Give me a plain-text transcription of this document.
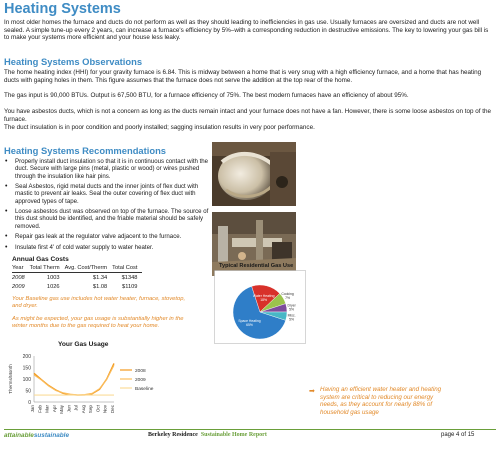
Heating Systems
In most older homes the furnace and ducts do not perform as well as they should leading to inefficiencies in gas use. Usually furnaces are oversized and ducts are not well sealed. A simple tune-up every 2 years, can increase a furnace's efficiency by 5%–with a corresponding reduction in destructive emissions. The key to lowering your gas bill is to make your systems more efficient and your house less leaky.
Heating Systems Observations
The home heating index (HHI) for your gravity furnace is 6.84. This is midway between a home that is very snug with a high efficiency furnace, and a home that has heating ducts with gaping holes in them. This figure assumes that the furnace does not serve the addition at the top rear of the home.
The gas input is 90,000 BTUs. Output is 67,500 BTU, for a furnace efficiency of 75%. The best modern furnaces have an efficiency of about 95%.
You have asbestos ducts, which is not a concern as long as the ducts remain intact and your furnace does not have a fan. However, there is some loose asbestos on top of the furnace.
The duct insulation is in poor condition and poorly installed; sagging insulation results in very poor performance.
Heating Systems Recommendations
• Properly install duct insulation so that it is in continuous contact with the duct. Secure with large pins (metal, plastic or wood) or wires pushed through the insulation like hair pins.
• Seal Asbestos, rigid metal ducts and the inner joints of flex duct with mastic to prevent air leaks. Seal the outer covering of flex duct with approved types of tape.
• Loose asbestos dust was observed on top of the furnace. The source of this dust should be identified, and the friable material should be safely removed.
• Repair gas leak at the regulator valve adjacent to the furnace.
• Insulate first 4' of cold water supply to water heater.
Annual Gas Costs
Year	Total Therm	Avg. Cost/Therm	Total Cost
2008	1003	$1.34	$1348
2009	1026	$1.08	$1109
Your Baseline gas use includes hot water heater, furnace, stovetop, and dryer.
As might be expected, your gas usage is substantially higher in the winter months due to the gas required to heat your home.
Your Gas Usage
0
50
100
150
200
Therms/Month
Jan Feb Mar Apr May Jun Jul Aug Sep Oct Nov Dec
2008
2009
Baseline
Typical Residential Gas Use
Space Heating
65%
Water Heating
18%
Cooking
7%
Dryer
5%
Misc.
5%
➡ Having an efficient water heater and heating system are critical to reducing our energy needs, as they account for nearly 88% of household gas usage
attainablesustainable	Berkeley Residence Sustainable Home Report	page 4 of 15
